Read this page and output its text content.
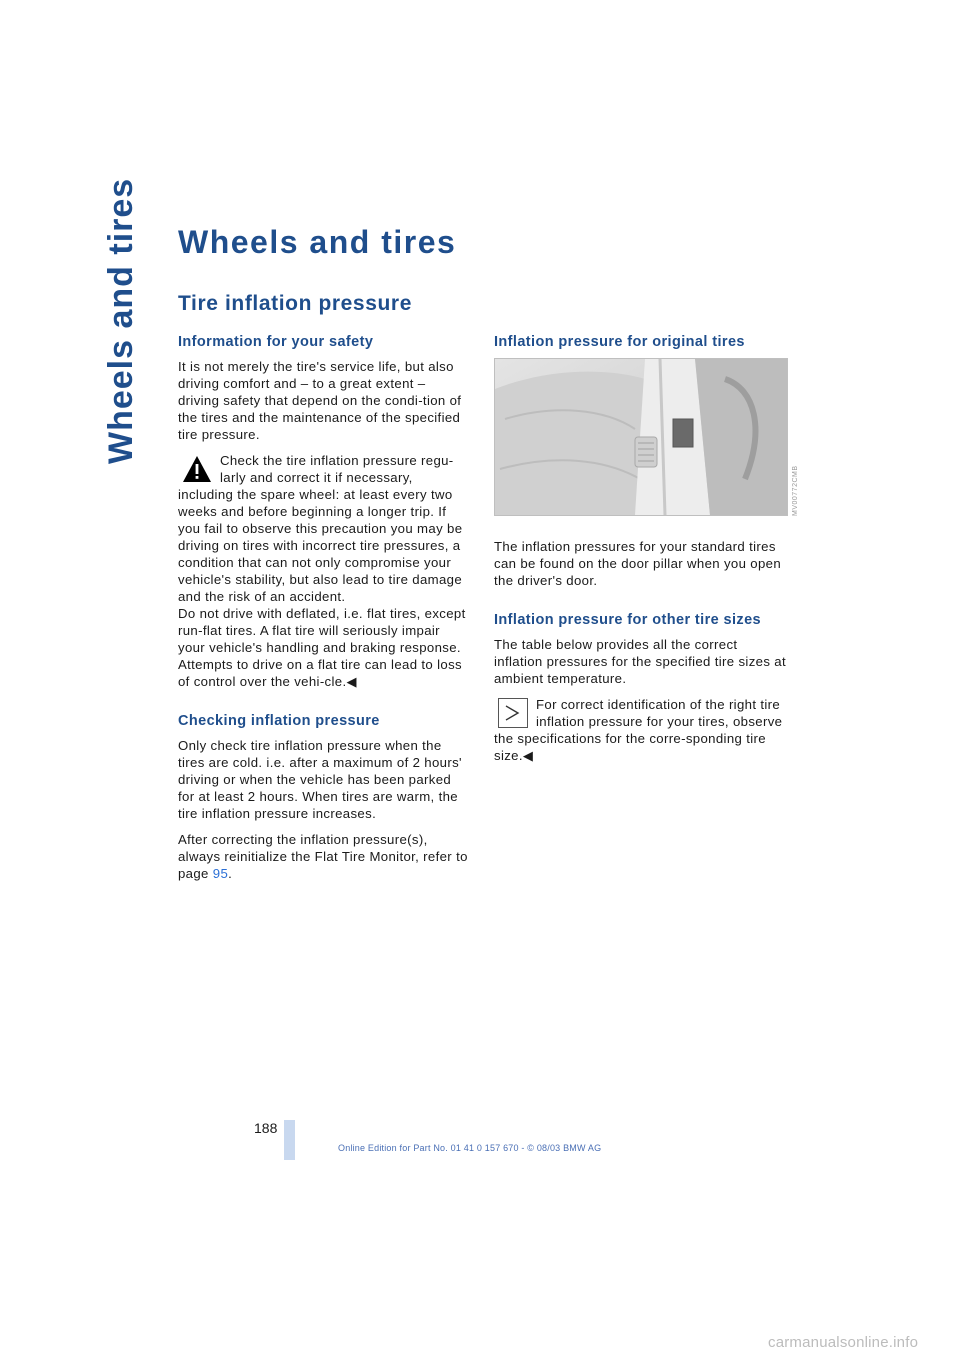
Wheels and tires Wheels and tires
Tire inflation pressure
Information for your safety

It is not merely the tire's service life, but also driving comfort and – to a great extent – driving safety that depend on the condi-tion of the tires and the maintenance of the specified tire pressure.

Check the tire inflation pressure regu-larly and correct it if necessary, including the spare wheel: at least every two weeks and before beginning a longer trip. If you fail to observe this precaution you may be driving on tires with incorrect tire pressures, a condition that can not only compromise your vehicle's stability, but also lead to tire damage and the risk of an accident.

Do not drive with deflated, i.e. flat tires, except run-flat tires. A flat tire will seriously impair your vehicle's handling and braking response. Attempts to drive on a flat tire can lead to loss of control over the vehi-cle.◀

Checking inflation pressure

Only check tire inflation pressure when the tires are cold. i.e. after a maximum of 2 hours' driving or when the vehicle has been parked for at least 2 hours. When tires are warm, the tire inflation pressure increases.

After correcting the inflation pressure(s), always reinitialize the Flat Tire Monitor, refer to page 95.

Inflation pressure for original tires

The inflation pressures for your standard tires can be found on the door pillar when you open the driver's door.

Inflation pressure for other tire sizes

The table below provides all the correct inflation pressures for the specified tire sizes at ambient temperature.

For correct identification of the right tire inflation pressure for your tires, observe the specifications for the corre-sponding tire size.◀

MV00772CMB
188
Online Edition for Part No. 01 41 0 157 670 - © 08/03 BMW AG
carmanualsonline.info
